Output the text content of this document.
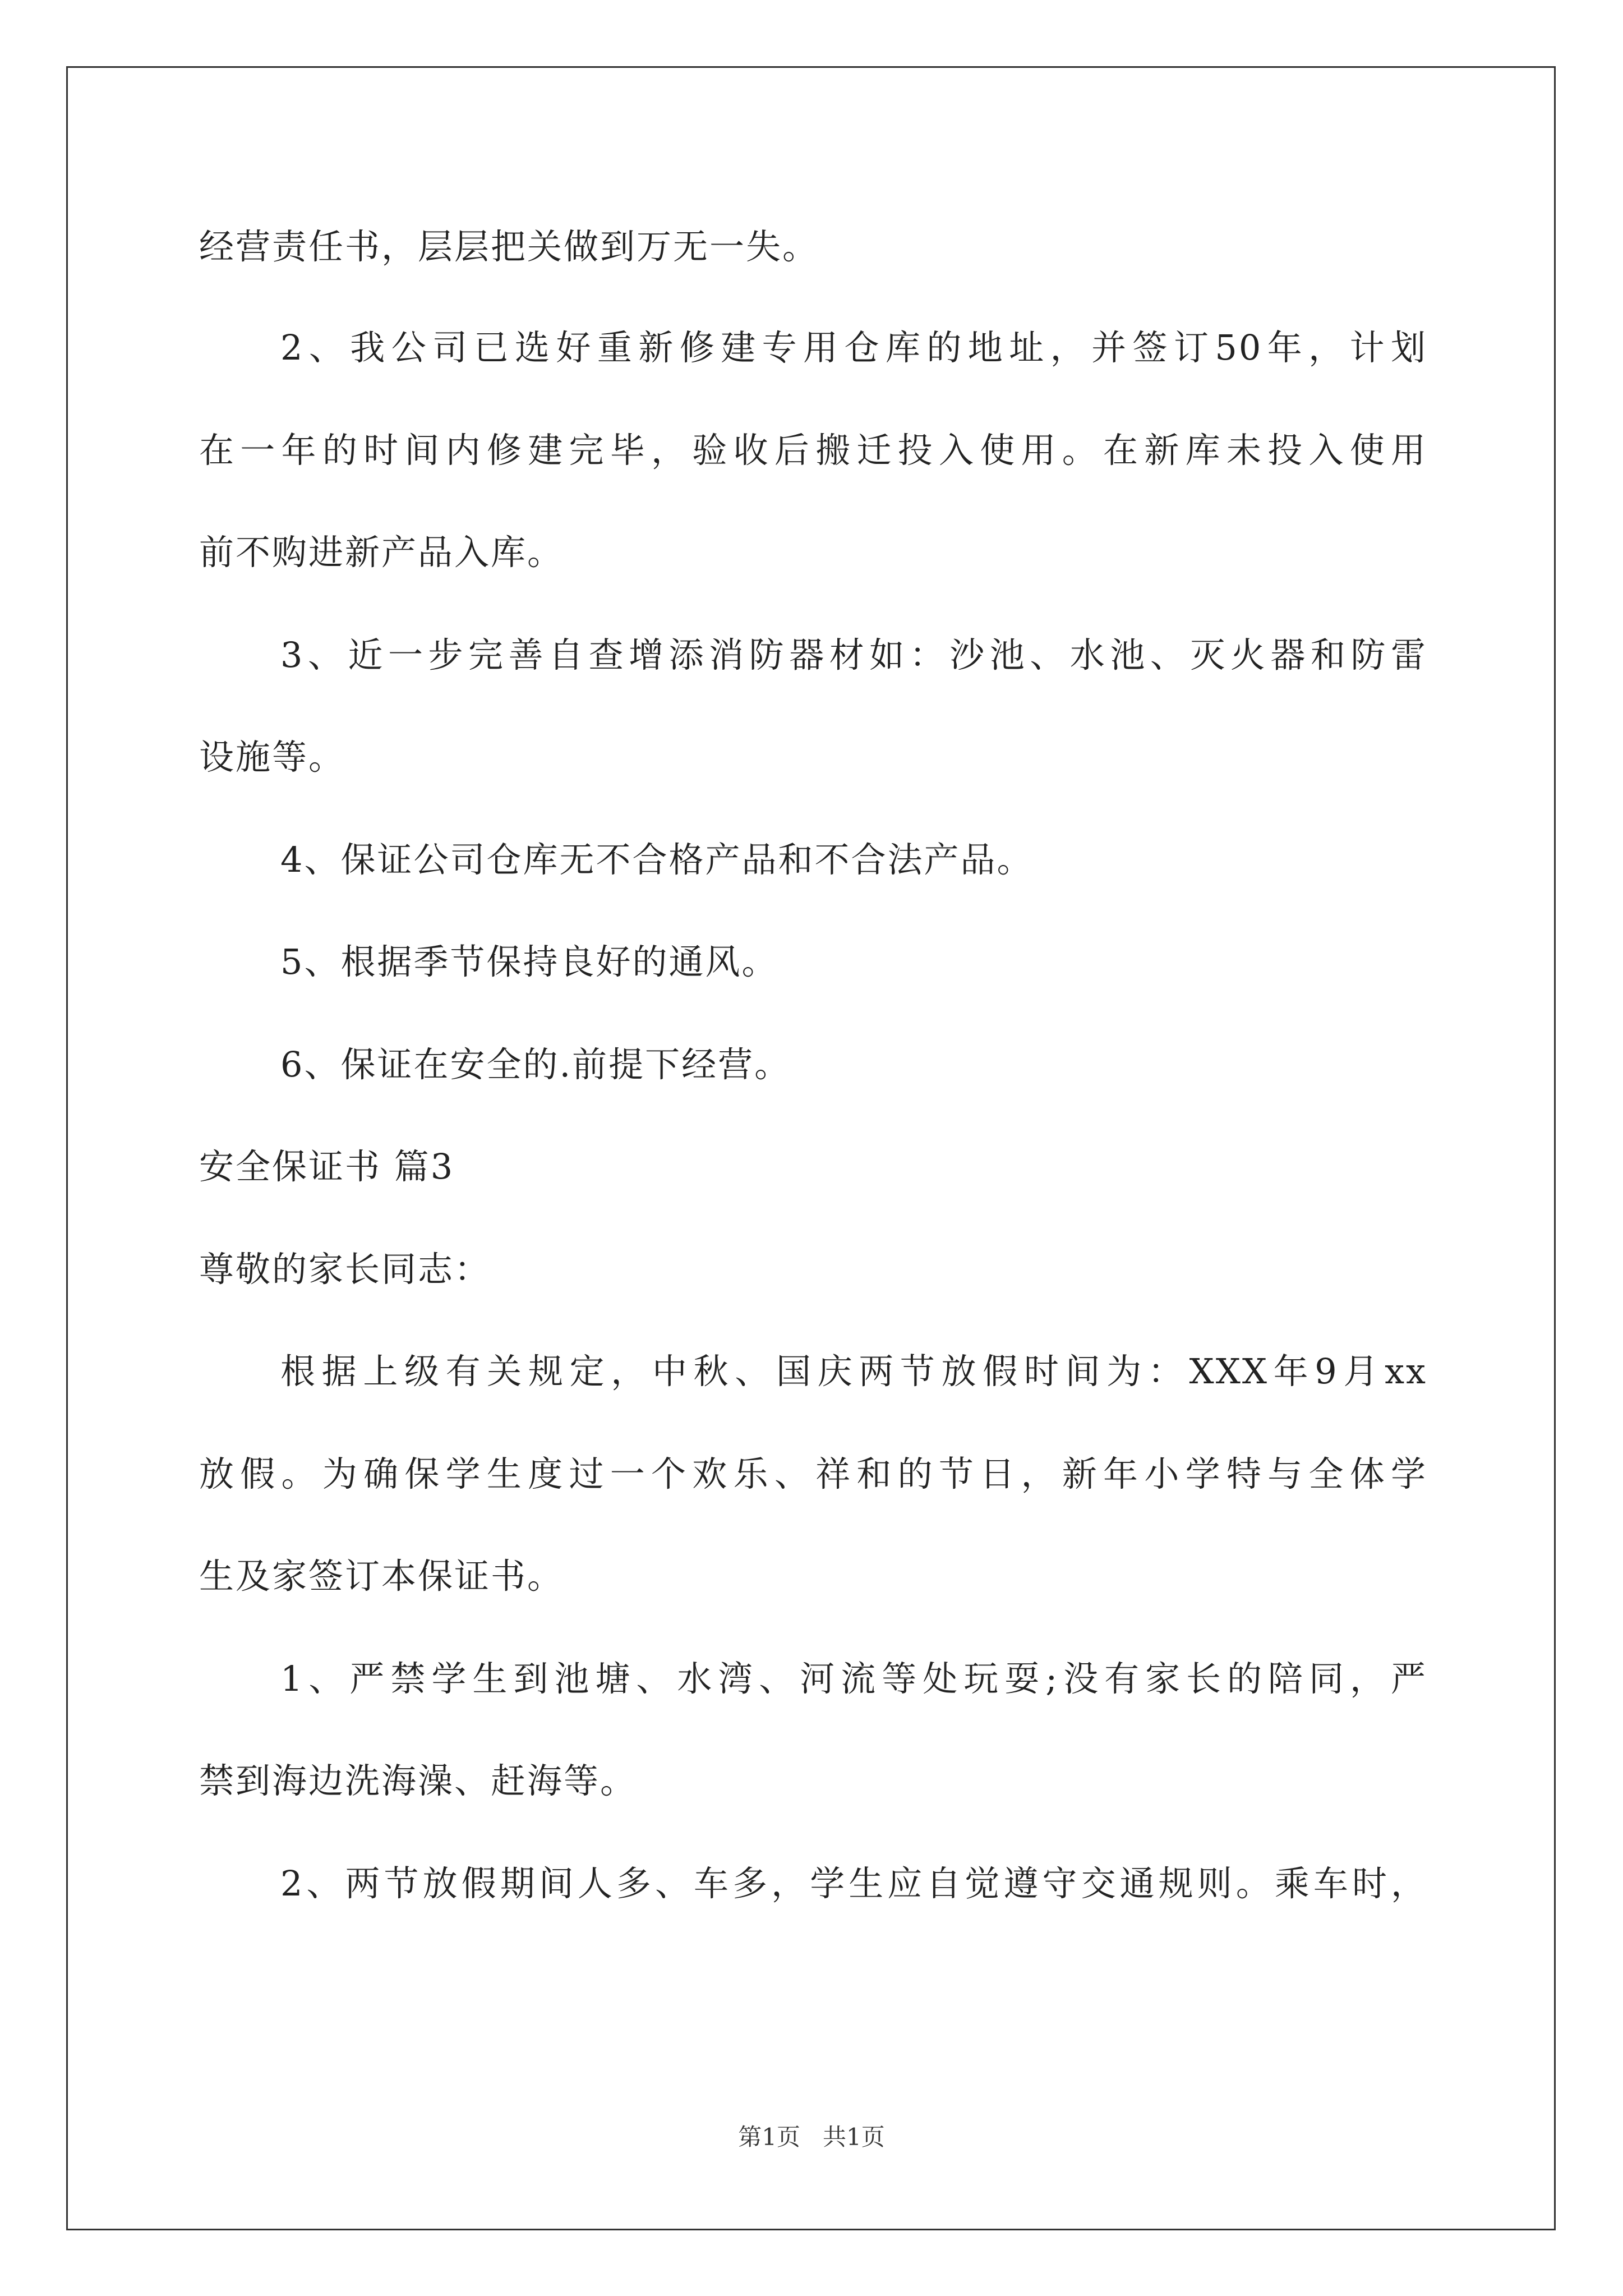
经营责任书，层层把关做到万无一失。
2、我公司已选好重新修建专用仓库的地址，并签订50年，计划
在一年的时间内修建完毕，验收后搬迁投入使用。在新库未投入使用
前不购进新产品入库。
3、近一步完善自查增添消防器材如：沙池、水池、灭火器和防雷
设施等。
4、保证公司仓库无不合格产品和不合法产品。
5、根据季节保持良好的通风。
6、保证在安全的.前提下经营。
安全保证书 篇3
尊敬的家长同志：
根据上级有关规定，中秋、国庆两节放假时间为：XXX年9月xx
放假。为确保学生度过一个欢乐、祥和的节日，新年小学特与全体学
生及家签订本保证书。
1、严禁学生到池塘、水湾、河流等处玩耍;没有家长的陪同，严
禁到海边洗海澡、赶海等。
2、两节放假期间人多、车多，学生应自觉遵守交通规则。乘车时，
第1页   共1页
